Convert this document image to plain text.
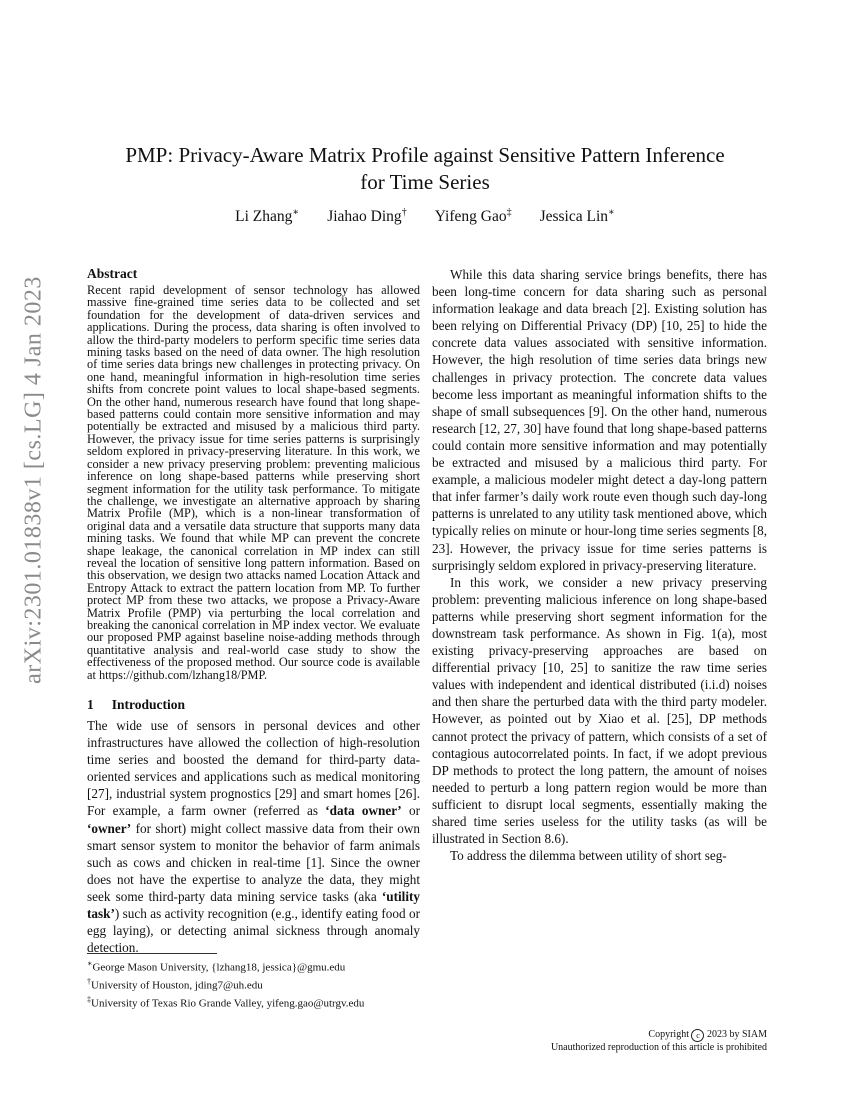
arXiv:2301.01838v1 [cs.LG] 4 Jan 2023
PMP: Privacy-Aware Matrix Profile against Sensitive Pattern Inference
for Time Series
Li Zhang∗ Jiahao Ding† Yifeng Gao‡ Jessica Lin∗
Abstract

Recent rapid development of sensor technology has allowed massive fine-grained time series data to be collected and set foundation for the development of data-driven services and applications. During the process, data sharing is often involved to allow the third-party modelers to perform specific time series data mining tasks based on the need of data owner. The high resolution of time series data brings new challenges in protecting privacy. On one hand, meaningful information in high-resolution time series shifts from concrete point values to local shape-based segments. On the other hand, numerous research have found that long shape-based patterns could contain more sensitive information and may potentially be extracted and misused by a malicious third party. However, the privacy issue for time series patterns is surprisingly seldom explored in privacy-preserving literature. In this work, we consider a new privacy preserving problem: preventing malicious inference on long shape-based patterns while preserving short segment information for the utility task performance. To mitigate the challenge, we investigate an alternative approach by sharing Matrix Profile (MP), which is a non-linear transformation of original data and a versatile data structure that supports many data mining tasks. We found that while MP can prevent the concrete shape leakage, the canonical correlation in MP index can still reveal the location of sensitive long pattern information. Based on this observation, we design two attacks named Location Attack and Entropy Attack to extract the pattern location from MP. To further protect MP from these two attacks, we propose a Privacy-Aware Matrix Profile (PMP) via perturbing the local correlation and breaking the canonical correlation in MP index vector. We evaluate our proposed PMP against baseline noise-adding methods through quantitative analysis and real-world case study to show the effectiveness of the proposed method. Our source code is available at https://github.com/lzhang18/PMP.

1 Introduction

The wide use of sensors in personal devices and other infrastructures have allowed the collection of high-resolution time series and boosted the demand for third-party data-oriented services and applications such as medical monitoring [27], industrial system prognostics [29] and smart homes [26]. For example, a farm owner (referred as ‘data owner’ or ‘owner’ for short) might collect massive data from their own smart sensor system to monitor the behavior of farm animals such as cows and chicken in real-time [1]. Since the owner does not have the expertise to analyze the data, they might seek some third-party data mining service tasks (aka ‘utility task’) such as activity recognition (e.g., identify eating food or egg laying), or detecting animal sickness through anomaly detection.

While this data sharing service brings benefits, there has been long-time concern for data sharing such as personal information leakage and data breach [2]. Existing solution has been relying on Differential Privacy (DP) [10, 25] to hide the concrete data values associated with sensitive information. However, the high resolution of time series data brings new challenges in privacy protection. The concrete data values become less important as meaningful information shifts to the shape of small subsequences [9]. On the other hand, numerous research [12, 27, 30] have found that long shape-based patterns could contain more sensitive information and may potentially be extracted and misused by a malicious third party. For example, a malicious modeler might detect a day-long pattern that infer farmer’s daily work route even though such day-long patterns is unrelated to any utility task mentioned above, which typically relies on minute or hour-long time series segments [8, 23]. However, the privacy issue for time series patterns is surprisingly seldom explored in privacy-preserving literature.

In this work, we consider a new privacy preserving problem: preventing malicious inference on long shape-based patterns while preserving short segment information for the downstream task performance. As shown in Fig. 1(a), most existing privacy-preserving approaches are based on differential privacy [10, 25] to sanitize the raw time series values with independent and identical distributed (i.i.d) noises and then share the perturbed data with the third party modeler. However, as pointed out by Xiao et al. [25], DP methods cannot protect the privacy of pattern, which consists of a set of contagious autocorrelated points. In fact, if we adopt previous DP methods to protect the long pattern, the amount of noises needed to perturb a long pattern region would be more than sufficient to disrupt local segments, essentially making the shared time series useless for the utility tasks (as will be illustrated in Section 8.6).

To address the dilemma between utility of short seg-

∗George Mason University, {lzhang18, jessica}@gmu.edu
†University of Houston, jding7@uh.edu
‡University of Texas Rio Grande Valley, yifeng.gao@utrgv.edu
Copyright c 2023 by SIAM
Unauthorized reproduction of this article is prohibited
